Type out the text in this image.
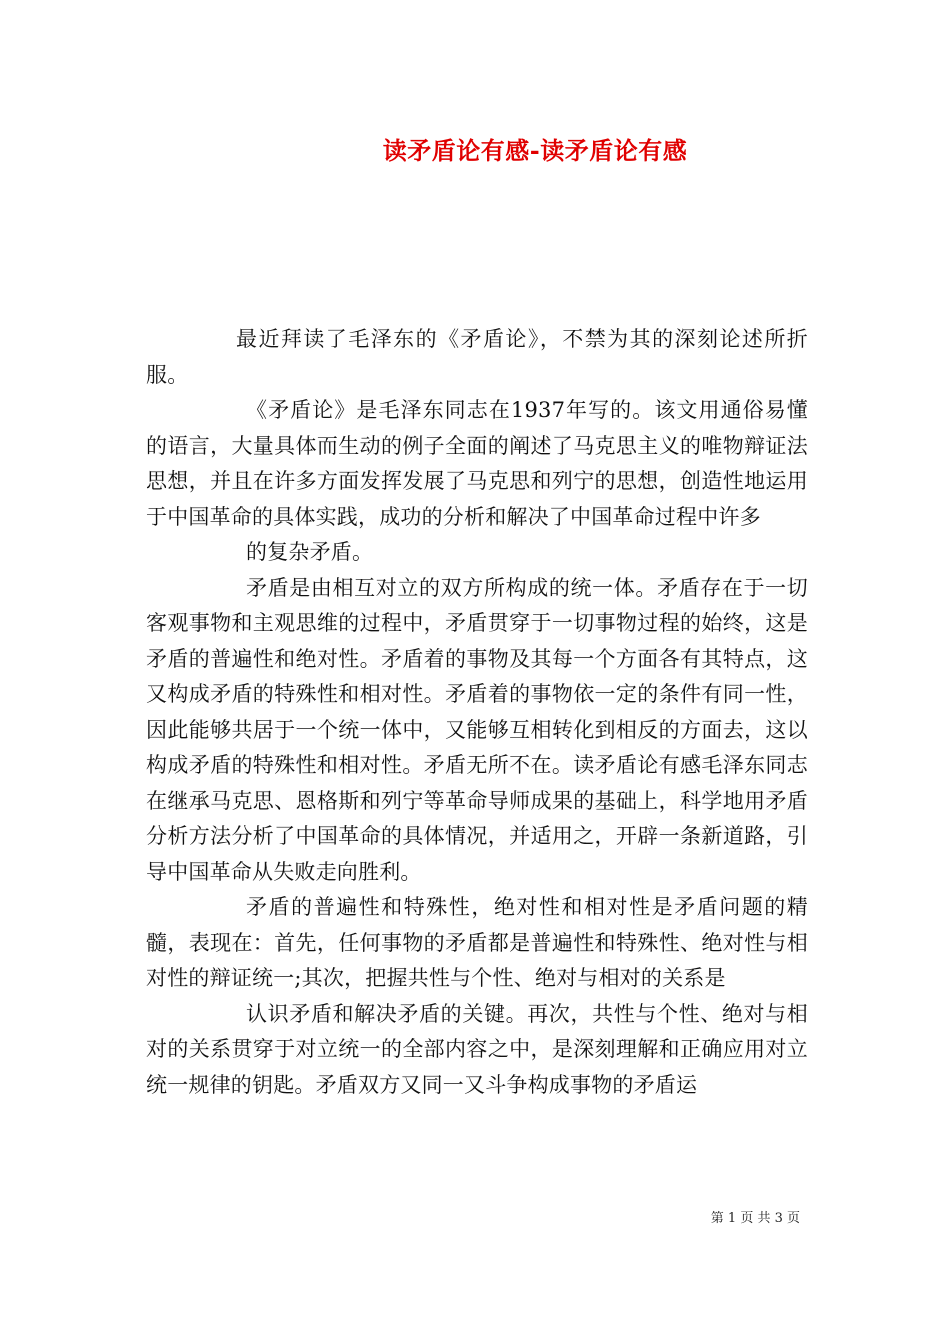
读矛盾论有感-读矛盾论有感

最近拜读了毛泽东的《矛盾论》，不禁为其的深刻论述所折服。

《矛盾论》是毛泽东同志在1937年写的。该文用通俗易懂的语言，大量具体而生动的例子全面的阐述了马克思主义的唯物辩证法思想，并且在许多方面发挥发展了马克思和列宁的思想，创造性地运用于中国革命的具体实践，成功的分析和解决了中国革命过程中许多

的复杂矛盾。

矛盾是由相互对立的双方所构成的统一体。矛盾存在于一切客观事物和主观思维的过程中，矛盾贯穿于一切事物过程的始终，这是矛盾的普遍性和绝对性。矛盾着的事物及其每一个方面各有其特点，这又构成矛盾的特殊性和相对性。矛盾着的事物依一定的条件有同一性，因此能够共居于一个统一体中，又能够互相转化到相反的方面去，这以构成矛盾的特殊性和相对性。矛盾无所不在。读矛盾论有感毛泽东同志在继承马克思、恩格斯和列宁等革命导师成果的基础上，科学地用矛盾分析方法分析了中国革命的具体情况，并适用之，开辟一条新道路，引导中国革命从失败走向胜利。

矛盾的普遍性和特殊性，绝对性和相对性是矛盾问题的精髓，表现在：首先，任何事物的矛盾都是普遍性和特殊性、绝对性与相对性的辩证统一;其次，把握共性与个性、绝对与相对的关系是

认识矛盾和解决矛盾的关键。再次，共性与个性、绝对与相对的关系贯穿于对立统一的全部内容之中，是深刻理解和正确应用对立统一规律的钥匙。矛盾双方又同一又斗争构成事物的矛盾运

第 1 页 共 3 页
